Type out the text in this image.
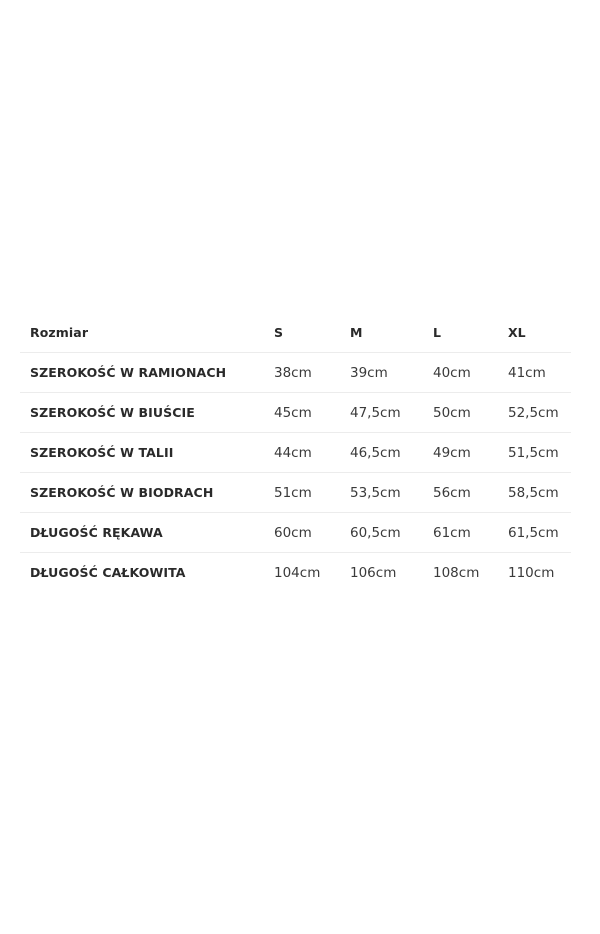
Rozmiar	S	M	L	XL
SZEROKOŚĆ W RAMIONACH	38cm	39cm	40cm	41cm
SZEROKOŚĆ W BIUŚCIE	45cm	47,5cm	50cm	52,5cm
SZEROKOŚĆ W TALII	44cm	46,5cm	49cm	51,5cm
SZEROKOŚĆ W BIODRACH	51cm	53,5cm	56cm	58,5cm
DŁUGOŚĆ RĘKAWA	60cm	60,5cm	61cm	61,5cm
DŁUGOŚĆ CAŁKOWITA	104cm	106cm	108cm	110cm
